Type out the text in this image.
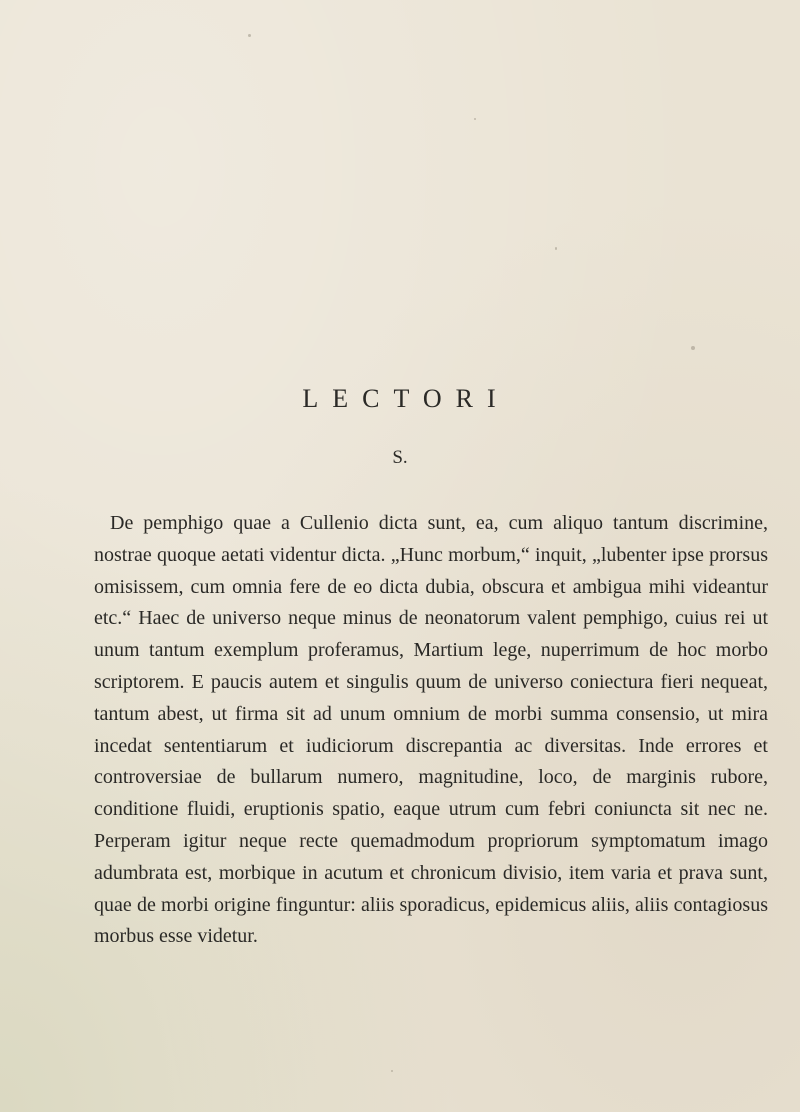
LECTORI
S.
De pemphigo quae a Cullenio dicta sunt, ea, cum aliquo tantum discrimine, nostrae quoque aetati videntur dicta. „Hunc morbum,“ inquit, „lubenter ipse prorsus omisissem, cum omnia fere de eo dicta dubia, obscura et ambigua mihi videantur etc.“ Haec de universo neque minus de neonatorum valent pemphigo, cuius rei ut unum tantum exemplum proferamus, Martium lege, nuperrimum de hoc morbo scriptorem. E paucis autem et singulis quum de universo coniectura fieri nequeat, tantum abest, ut firma sit ad unum omnium de morbi summa consensio, ut mira incedat sententiarum et iudiciorum discrepantia ac diversitas. Inde errores et controversiae de bullarum numero, magnitudine, loco, de marginis rubore, conditione fluidi, eruptionis spatio, eaque utrum cum febri coniuncta sit nec ne. Perperam igitur neque recte quemadmodum propriorum symptomatum imago adumbrata est, morbique in acutum et chronicum divisio, item varia et prava sunt, quae de morbi origine finguntur: aliis sporadicus, epidemicus aliis, aliis contagiosus morbus esse videtur.
